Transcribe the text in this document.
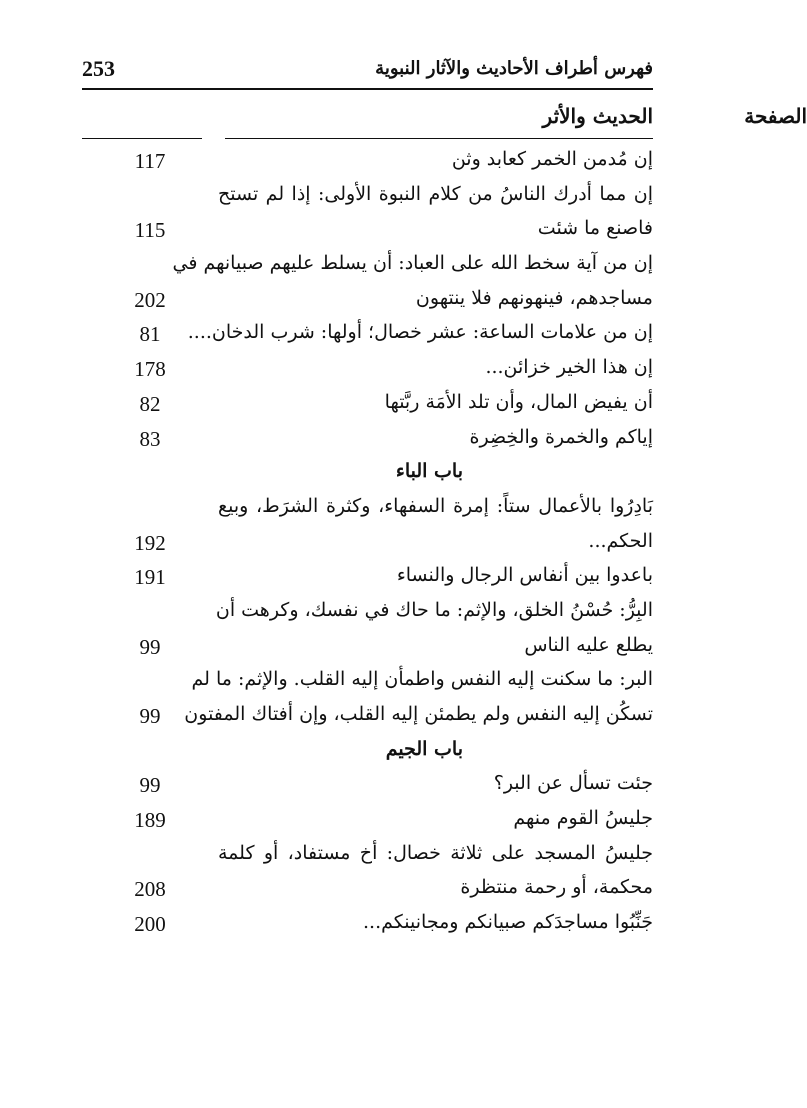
253	فهرس أطراف الأحاديث والآثار النبوية
الحديث والأثر	الصفحة
إن مُدمن الخمر كعابد وثن
117
إن مما أدرك الناسُ من كلام النبوة الأولى: إذا لم تستح
فاصنع ما شئت
115
إن من آية سخط الله على العباد: أن يسلط عليهم صبيانهم في
مساجدهم، فينهونهم فلا ينتهون
202
إن من علامات الساعة: عشر خصال؛ أولها: شرب الدخان....
81
إن هذا الخير خزائن...
178
أن يفيض المال، وأن تلد الأمَة ربَّتها
82
إياكم والخمرة والخِضِرة
83
باب الباء
بَادِرُوا بالأعمال ستاً: إمرة السفهاء، وكثرة الشرَط، وبيع
الحكم...
192
باعدوا بين أنفاس الرجال والنساء
191
البِرُّ: حُسْنُ الخلق، والإثم: ما حاك في نفسك، وكرهت أن
يطلع عليه الناس
99
البر: ما سكنت إليه النفس واطمأن إليه القلب. والإثم: ما لم
تسكُن إليه النفس ولم يطمئن إليه القلب، وإن أفتاك المفتون
99
باب الجيم
جئت تسأل عن البر؟
99
جليسُ القوم منهم
189
جليسُ المسجد على ثلاثة خصال: أخ مستفاد، أو كلمة
محكمة، أو رحمة منتظرة
208
جَنِّبُوا مساجدَكم صبيانكم ومجانينكم...
200
